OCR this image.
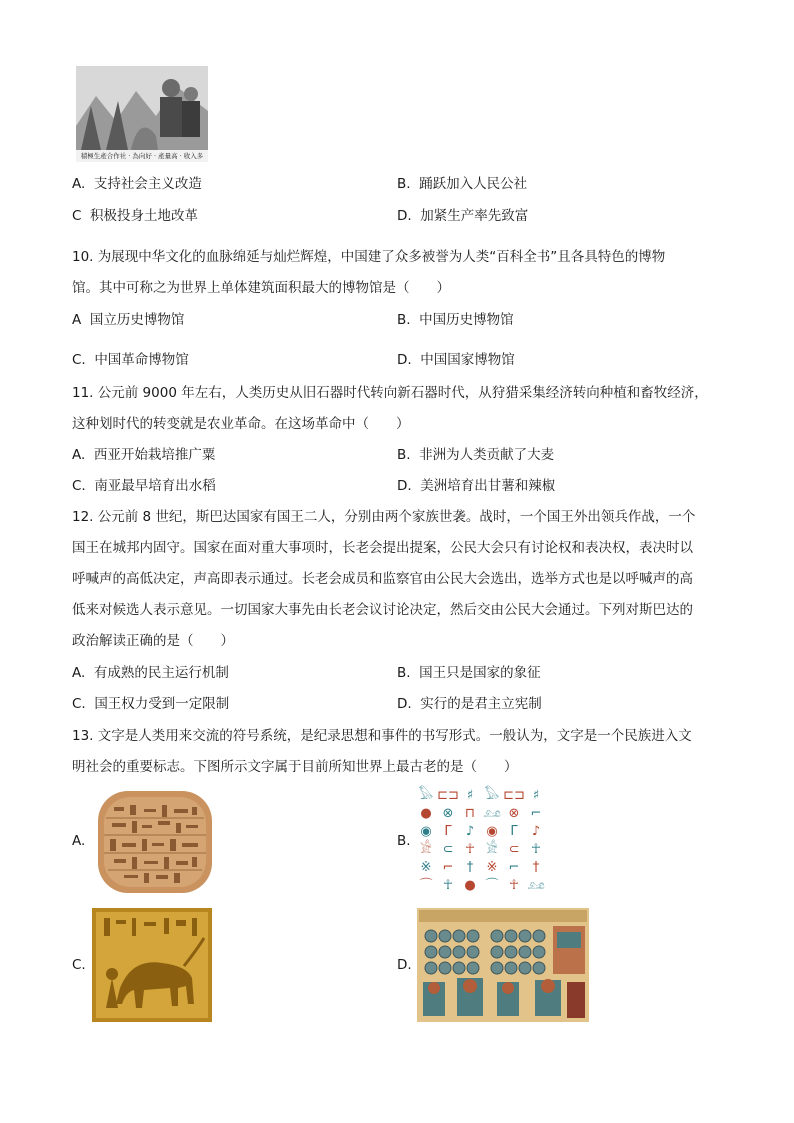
積極生產合作社 · 為向好 · 產量高 · 收入多
A. 支持社会主义改造	B. 踊跃加入人民公社
C 积极投身土地改革	D. 加紧生产率先致富
10. 为展现中华文化的血脉绵延与灿烂辉煌，中国建了众多被誉为人类“百科全书”且各具特色的博物
馆。其中可称之为世界上单体建筑面积最大的博物馆是（　　）
A 国立历史博物馆	B. 中国历史博物馆
C. 中国革命博物馆	D. 中国国家博物馆
11. 公元前 9000 年左右，人类历史从旧石器时代转向新石器时代，从狩猎采集经济转向种植和畜牧经济，
这种划时代的转变就是农业革命。在这场革命中（　　）
A. 西亚开始栽培推广粟	B. 非洲为人类贡献了大麦
C. 南亚最早培育出水稻	D. 美洲培育出甘薯和辣椒
12. 公元前 8 世纪，斯巴达国家有国王二人，分别由两个家族世袭。战时，一个国王外出领兵作战，一个
国王在城邦内固守。国家在面对重大事项时，长老会提出提案，公民大会只有讨论权和表决权，表决时以
呼喊声的高低决定，声高即表示通过。长老会成员和监察官由公民大会选出，选举方式也是以呼喊声的高
低来对候选人表示意见。一切国家大事先由长老会议讨论决定，然后交由公民大会通过。下列对斯巴达的
政治解读正确的是（　　）
A. 有成熟的民主运行机制	B. 国王只是国家的象征
C. 国王权力受到一定限制	D. 实行的是君主立宪制
13. 文字是人类用来交流的符号系统，是纪录思想和事件的书写形式。一般认为，文字是一个民族进入文
明社会的重要标志。下图所示文字属于目前所知世界上最古老的是（　　）
A.	B.
𓅃 ⊏⊐ ♯ 𓅃 ⊏⊐ ♯
● ⊗ ⊓ 𓃭 ⊗ ⌐
◉ Γ ♪ ◉ Γ ♪
𓀀 ⊂ ☥ 𓀀 ⊂ ☥
※ ⌐ † ※ ⌐ †
⌒ ☥ ● ⌒ ☥ 𓃭
C.	D.
